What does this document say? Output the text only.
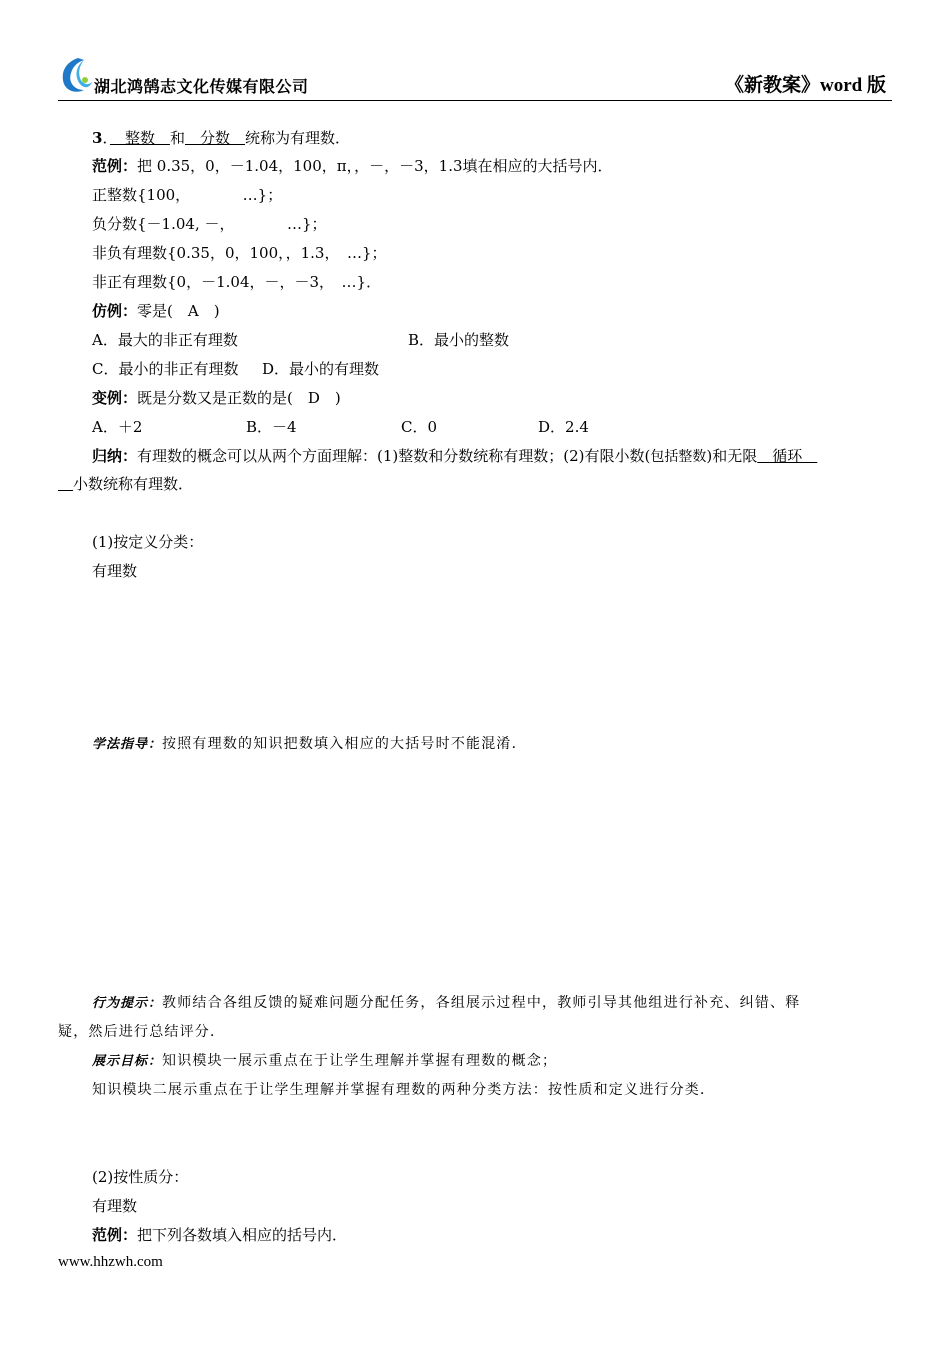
湖北鸿鹄志文化传媒有限公司	《新教案》word 版
3．　整数　和　分数　统称为有理数．
范例：把 0.35，0，－1.04，100，π，，－，－3，1.3填在相应的大括号内．
正整数{100，　　　　…}；
负分数{－1.04, －，　　　　…}；
非负有理数{0.35，0，100，，1.3，　…}；
非正有理数{0，－1.04，－，－3，　…}．
仿例：零是(　A　)
A．最大的非正有理数	B．最小的整数
C．最小的非正有理数 D．最小的有理数
变例：既是分数又是正数的是(　D　)
A．＋2	B．－4	C．0	D．2.4
归纳：有理数的概念可以从两个方面理解：(1)整数和分数统称有理数；(2)有限小数(包括整数)和无限　循环　
　小数统称有理数．
(1)按定义分类：
有理数
学法指导：按照有理数的知识把数填入相应的大括号时不能混淆．
行为提示：教师结合各组反馈的疑难问题分配任务，各组展示过程中，教师引导其他组进行补充、纠错、释
疑，然后进行总结评分．
展示目标：知识模块一展示重点在于让学生理解并掌握有理数的概念；
知识模块二展示重点在于让学生理解并掌握有理数的两种分类方法：按性质和定义进行分类．
(2)按性质分：
有理数
范例：把下列各数填入相应的括号内．
www.hhzwh.com
